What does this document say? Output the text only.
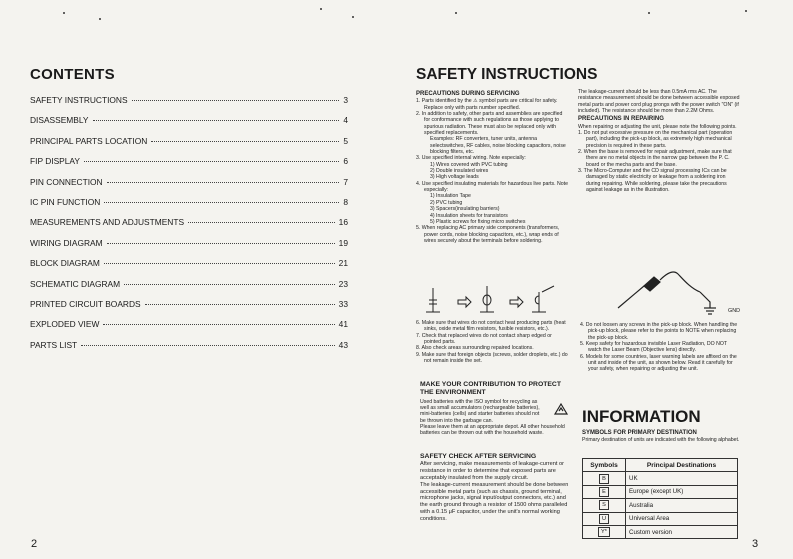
CONTENTS
SAFETY INSTRUCTIONS	3
DISASSEMBLY	4
PRINCIPAL PARTS LOCATION	5
FIP DISPLAY	6
PIN CONNECTION	7
IC PIN FUNCTION	8
MEASUREMENTS AND ADJUSTMENTS	16
WIRING DIAGRAM	19
BLOCK DIAGRAM	21
SCHEMATIC DIAGRAM	23
PRINTED CIRCUIT BOARDS	33
EXPLODED VIEW	41
PARTS LIST	43
2
SAFETY INSTRUCTIONS

PRECAUTIONS DURING SERVICING

1. Parts identified by the ⚠ symbol parts are critical for safety. Replace only with parts number specified.

2. In addition to safety, other parts and assemblies are specified for conformance with such regulations as those applying to spurious radiation. These must also be replaced only with specified replacements.

Examples: RF converters, tuner units, antenna selectswitches, RF cables, noise blocking capacitors, noise blocking filters, etc.

3. Use specified internal wiring. Note especially:

1) Wires covered with PVC tubing

2) Double insulated wires

3) High voltage leads

4. Use specified insulating materials for hazardous live parts. Note especially:

1) Insulation Tape

2) PVC tubing

3) Spacers(insulating barriers)

4) Insulation sheets for transistors

5) Plastic screws for fixing micro switches

5. When replacing AC primary side components (transformers, power cords, noise blocking capacitors, etc.), wrap ends of wires securely about the terminals before soldering.

6. Make sure that wires do not contact heat producing parts (heat sinks, oxide metal film resistors, fusible resistors, etc.).

7. Check that replaced wires do not contact sharp edged or pointed parts.

8. Also check areas surrounding repaired locations.

9. Make sure that foreign objects (screws, solder droplets, etc.) do not remain inside the set.

MAKE YOUR CONTRIBUTION TO PROTECT THE ENVIRONMENT

Used batteries with the ISO symbol for recycling as well as small accumulators (rechargeable batteries), mini-batteries (cells) and starter batteries should not be thrown into the garbage can.

Please leave them at an appropriate depot. All other household batteries can be thrown out with the household waste.

SAFETY CHECK AFTER SERVICING

After servicing, make measurements of leakage-current or resistance in order to determine that exposed parts are acceptably insulated from the supply circuit.

The leakage-current measurement should be done between accessible metal parts (such as chassis, ground terminal, microphone jacks, signal input/output connectors, etc.) and the earth ground through a resistor of 1500 ohms paralleled with a 0.15 μF capacitor, under the unit's normal working conditions.

The leakage-current should be less than 0.5mA rms AC. The resistance measurement should be done between accessible exposed metal parts and power cord plug prongs with the power switch "ON" (if included). The resistance should be more than 2.2M Ohms.

PRECAUTIONS IN REPAIRING

When repairing or adjusting the unit, please note the following points.

1. Do not put excessive pressure on the mechanical part (operation part), including the pick-up block, as extremely high mechanical precision is required in these parts.

2. When the base is removed for repair adjustment, make sure that there are no metal objects in the narrow gap between the P. C. board or the mecha parts and the base.

3. The Micro-Computer and the CD signal processing ICs can be damaged by static electricity or leakage from a soldering iron during repairing. While soldering, please take the precautions against leakage as in the illustration.

GND

4. Do not loosen any screws in the pick-up block. When handling the pick-up block, please refer to the points to NOTE when replacing the pick-up block.

5. Keep safety for hazardous invisible Laser Radiation, DO NOT watch the Laser Beam (Objective lens) directly.

6. Models for some countries, laser warning labels are affixed on the unit and inside of the unit, as shown below. Read it carefully for your safety, when repairing or adjusting the unit.

INFORMATION

SYMBOLS FOR PRIMARY DESTINATION

Primary destination of units are indicated with the following alphabet.

Symbols	Principal Destinations
B	UK
E	Europe (except UK)
S	Australia
U	Universal Area
Y*	Custom version
3
